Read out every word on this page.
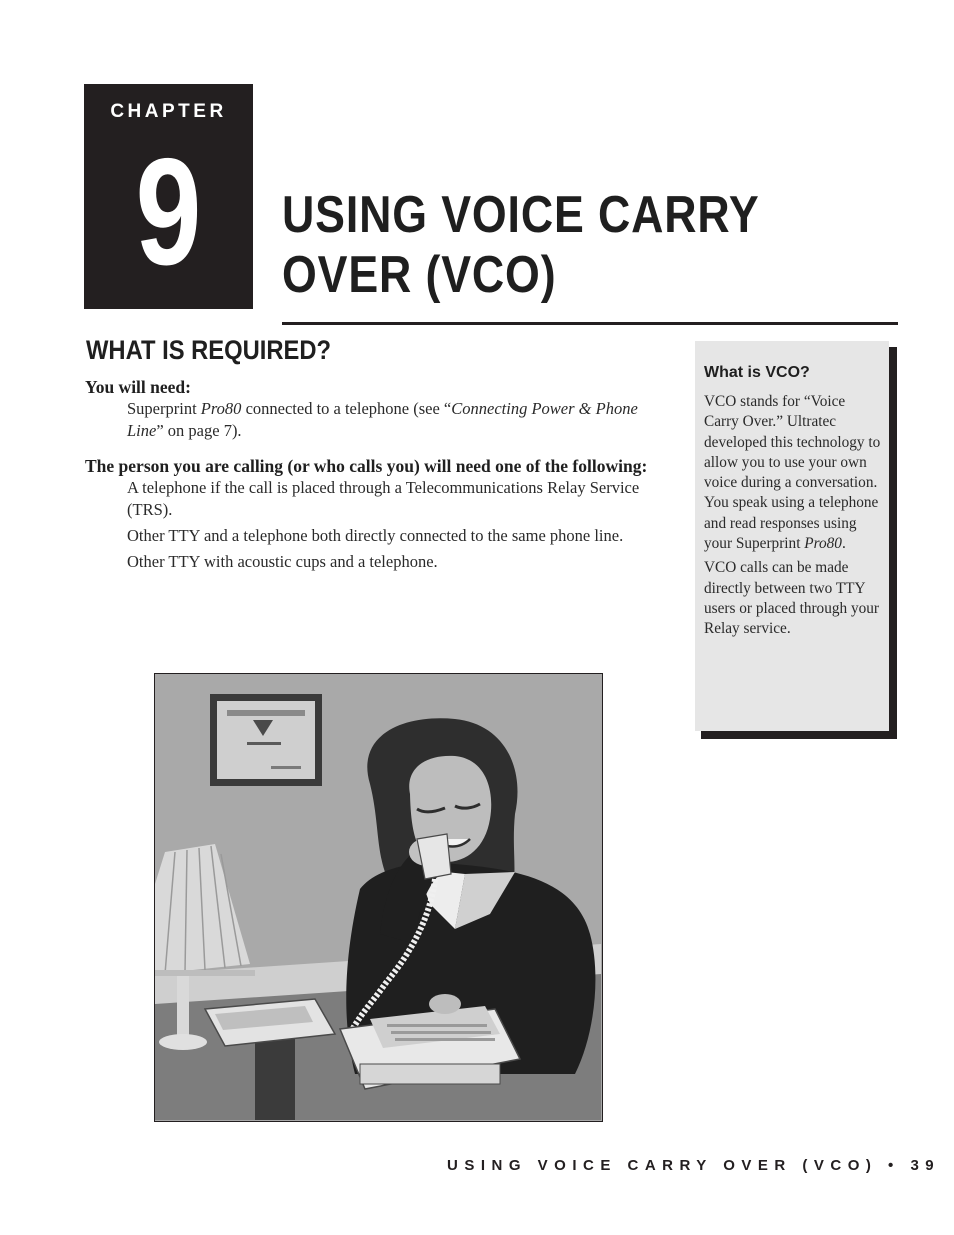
CHAPTER
9	USING VOICE CARRY
OVER (VCO)
WHAT IS REQUIRED?

You will need:

Superprint Pro80 connected to a telephone (see “Connecting Power & Phone Line” on page 7).

The person you are calling (or who calls you) will need one of the following:

A telephone if the call is placed through a Telecommunications Relay Service (TRS).

Other TTY and a telephone both directly connected to the same phone line.

Other TTY with acoustic cups and a telephone.

What is VCO?

VCO stands for “Voice Carry Over.” Ultratec developed this technology to allow you to use your own voice during a conversation. You speak using a telephone and read responses using your Superprint Pro80.

VCO calls can be made directly between two TTY users or placed through your Relay service.

USING VOICE CARRY OVER (VCO) • 39
